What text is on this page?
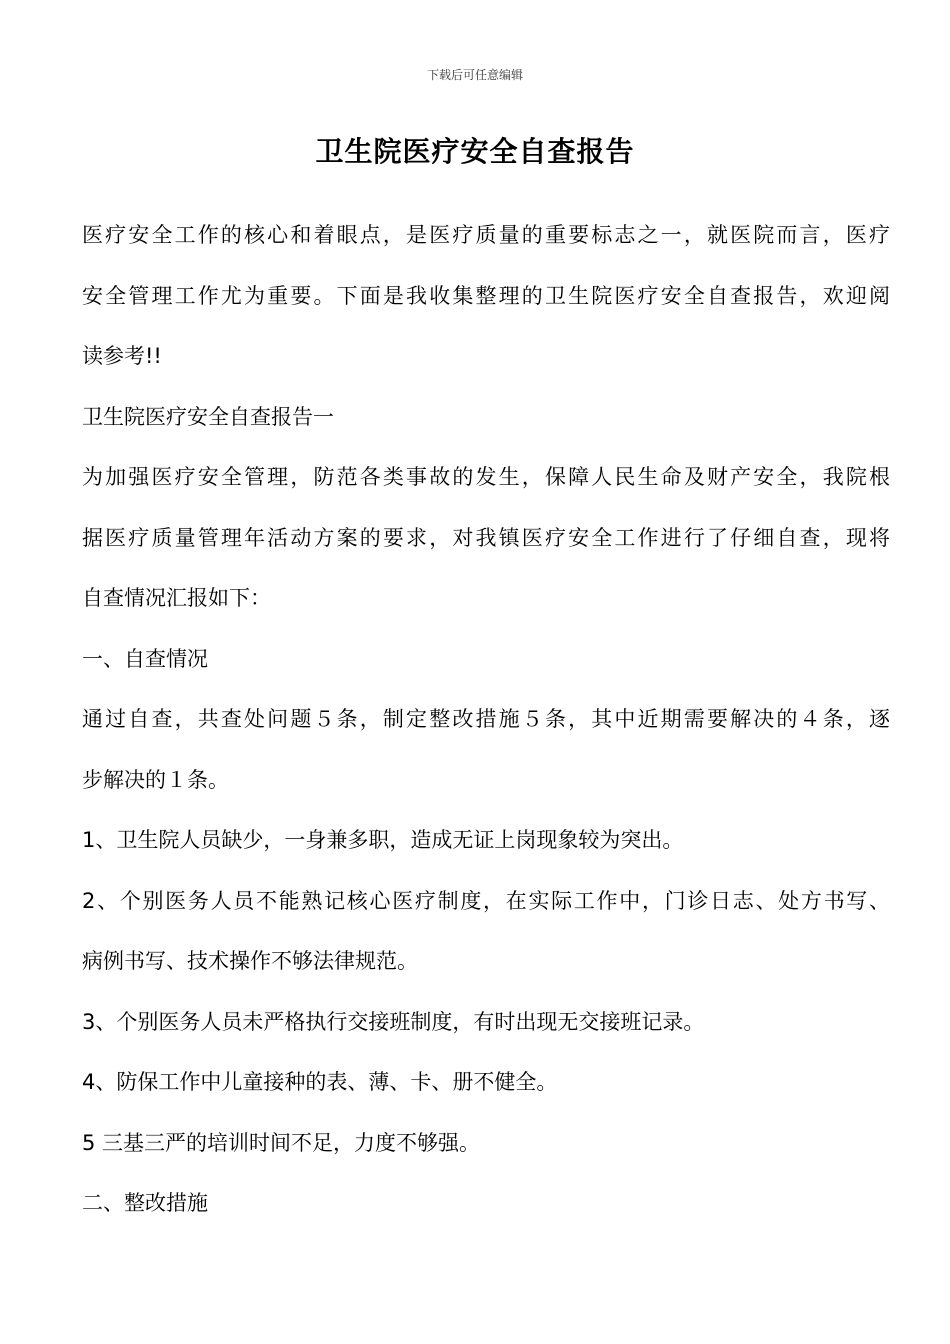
下载后可任意编辑
卫生院医疗安全自查报告
医疗安全工作的核心和着眼点，是医疗质量的重要标志之一，就医院而言，医疗
安全管理工作尤为重要。下面是我收集整理的卫生院医疗安全自查报告，欢迎阅
读参考!!
卫生院医疗安全自查报告一
为加强医疗安全管理，防范各类事故的发生，保障人民生命及财产安全，我院根
据医疗质量管理年活动方案的要求，对我镇医疗安全工作进行了仔细自查，现将
自查情况汇报如下：
一、自查情况
通过自查，共查处问题５条，制定整改措施５条，其中近期需要解决的４条，逐
步解决的１条。
1、卫生院人员缺少，一身兼多职，造成无证上岗现象较为突出。
2、个别医务人员不能熟记核心医疗制度，在实际工作中，门诊日志、处方书写、
病例书写、技术操作不够法律规范。
3、个别医务人员未严格执行交接班制度，有时出现无交接班记录。
4、防保工作中儿童接种的表、薄、卡、册不健全。
5 三基三严的培训时间不足，力度不够强。
二、整改措施
